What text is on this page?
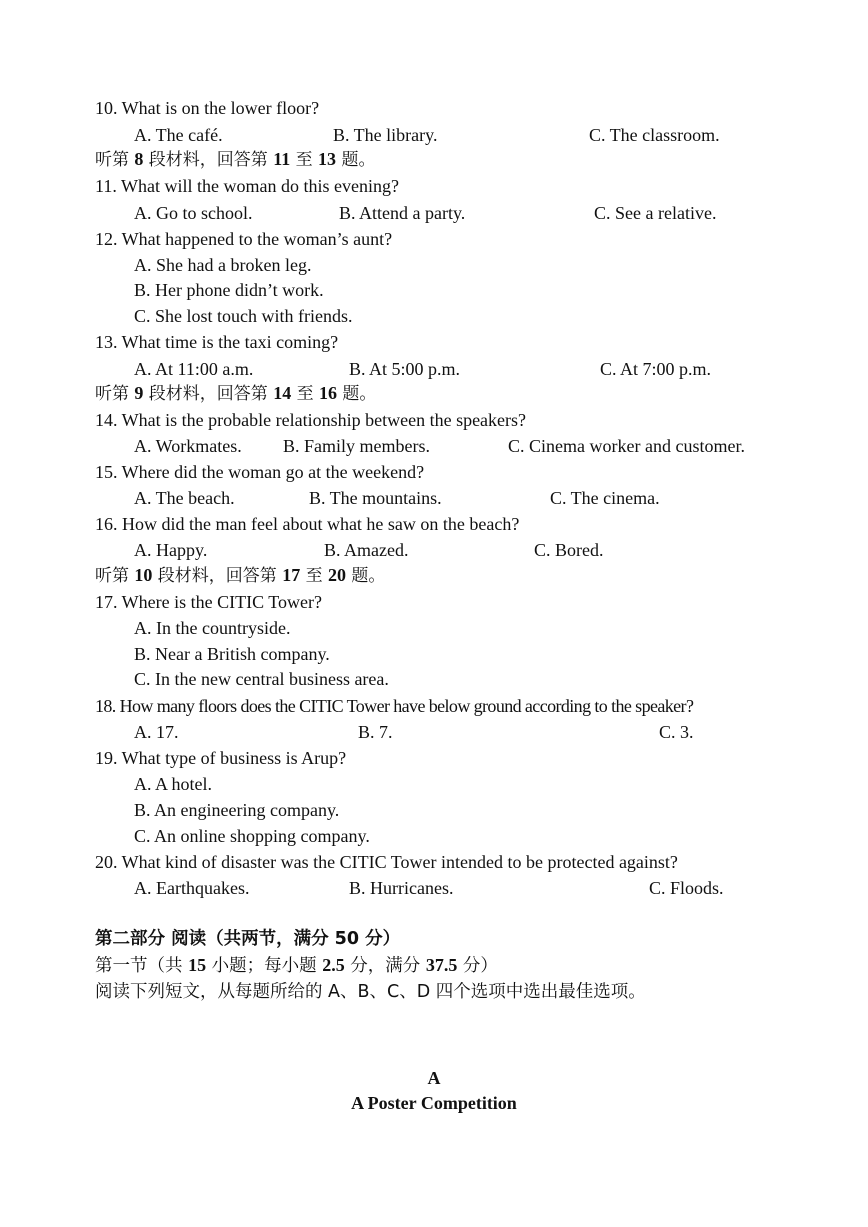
10. What is on the lower floor?
A. The café.	B. The library.	C. The classroom.
听第 8 段材料，回答第 11 至 13 题。
11. What will the woman do this evening?
A. Go to school.	B. Attend a party.	C. See a relative.
12. What happened to the woman’s aunt?
A. She had a broken leg.
B. Her phone didn’t work.
C. She lost touch with friends.
13. What time is the taxi coming?
A. At 11:00 a.m.	B. At 5:00 p.m.	C. At 7:00 p.m.
听第 9 段材料，回答第 14 至 16 题。
14. What is the probable relationship between the speakers?
A. Workmates. B. Family members.	C. Cinema worker and customer.
15. Where did the woman go at the weekend?
A. The beach.	B. The mountains.	C. The cinema.
16. How did the man feel about what he saw on the beach?
A. Happy.	B. Amazed.	C. Bored.
听第 10 段材料，回答第 17 至 20 题。
17. Where is the CITIC Tower?
A. In the countryside.
B. Near a British company.
C. In the new central business area.
18. How many floors does the CITIC Tower have below ground according to the speaker?
A. 17.	B. 7.	C. 3.
19. What type of business is Arup?
A. A hotel.
B. An engineering company.
C. An online shopping company.
20. What kind of disaster was the CITIC Tower intended to be protected against?
A. Earthquakes.	B. Hurricanes.	C. Floods.
第二部分 阅读（共两节，满分 50 分）
第一节（共 15 小题；每小题 2.5 分，满分 37.5 分）
阅读下列短文，从每题所给的 A、B、C、D 四个选项中选出最佳选项。
A
A Poster Competition
